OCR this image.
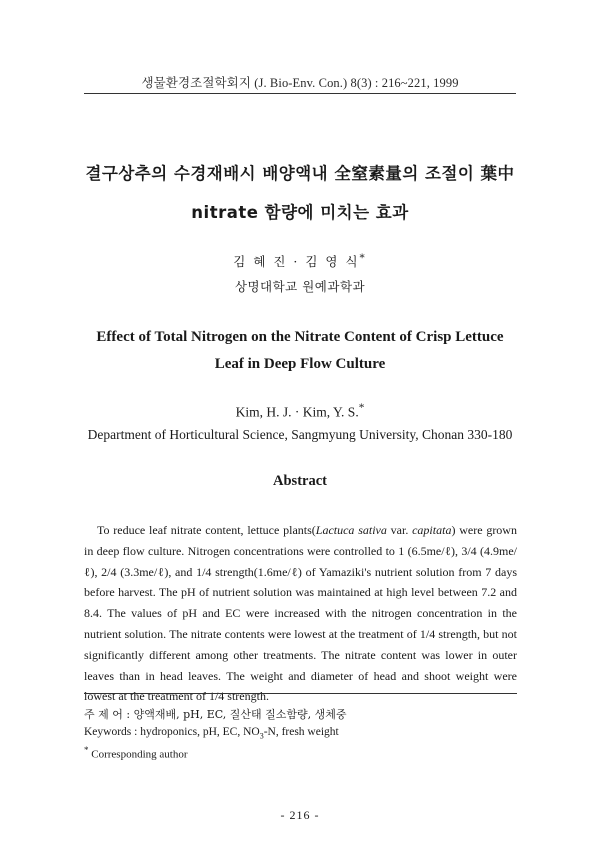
생물환경조절학회지 (J. Bio-Env. Con.) 8(3) : 216~221, 1999
결구상추의 수경재배시 배양액내 全窒素量의 조절이 葉中
nitrate 함량에 미치는 효과
김 혜 진 · 김 영 식*
상명대학교 원예과학과
Effect of Total Nitrogen on the Nitrate Content of Crisp Lettuce
Leaf in Deep Flow Culture
Kim, H. J. · Kim, Y. S.*
Department of Horticultural Science, Sangmyung University, Chonan 330-180
Abstract

To reduce leaf nitrate content, lettuce plants(Lactuca sativa var. capitata) were grown in deep flow culture. Nitrogen concentrations were controlled to 1 (6.5me/ℓ), 3/4 (4.9me/ℓ), 2/4 (3.3me/ℓ), and 1/4 strength(1.6me/ℓ) of Yamaziki's nutrient solution from 7 days before harvest. The pH of nutrient solution was maintained at high level between 7.2 and 8.4. The values of pH and EC were increased with the nitrogen concentration in the nutrient solution. The nitrate contents were lowest at the treatment of 1/4 strength, but not significantly different among other treatments. The nitrate content was lower in outer leaves than in head leaves. The weight and diameter of head and shoot weight were lowest at the treatment of 1/4 strength.

주 제 어 : 양액재배, pH, EC, 질산태 질소함량, 생체중
Keywords : hydroponics, pH, EC, $NO_3-N$, fresh weight
* Corresponding author
- 216 -
